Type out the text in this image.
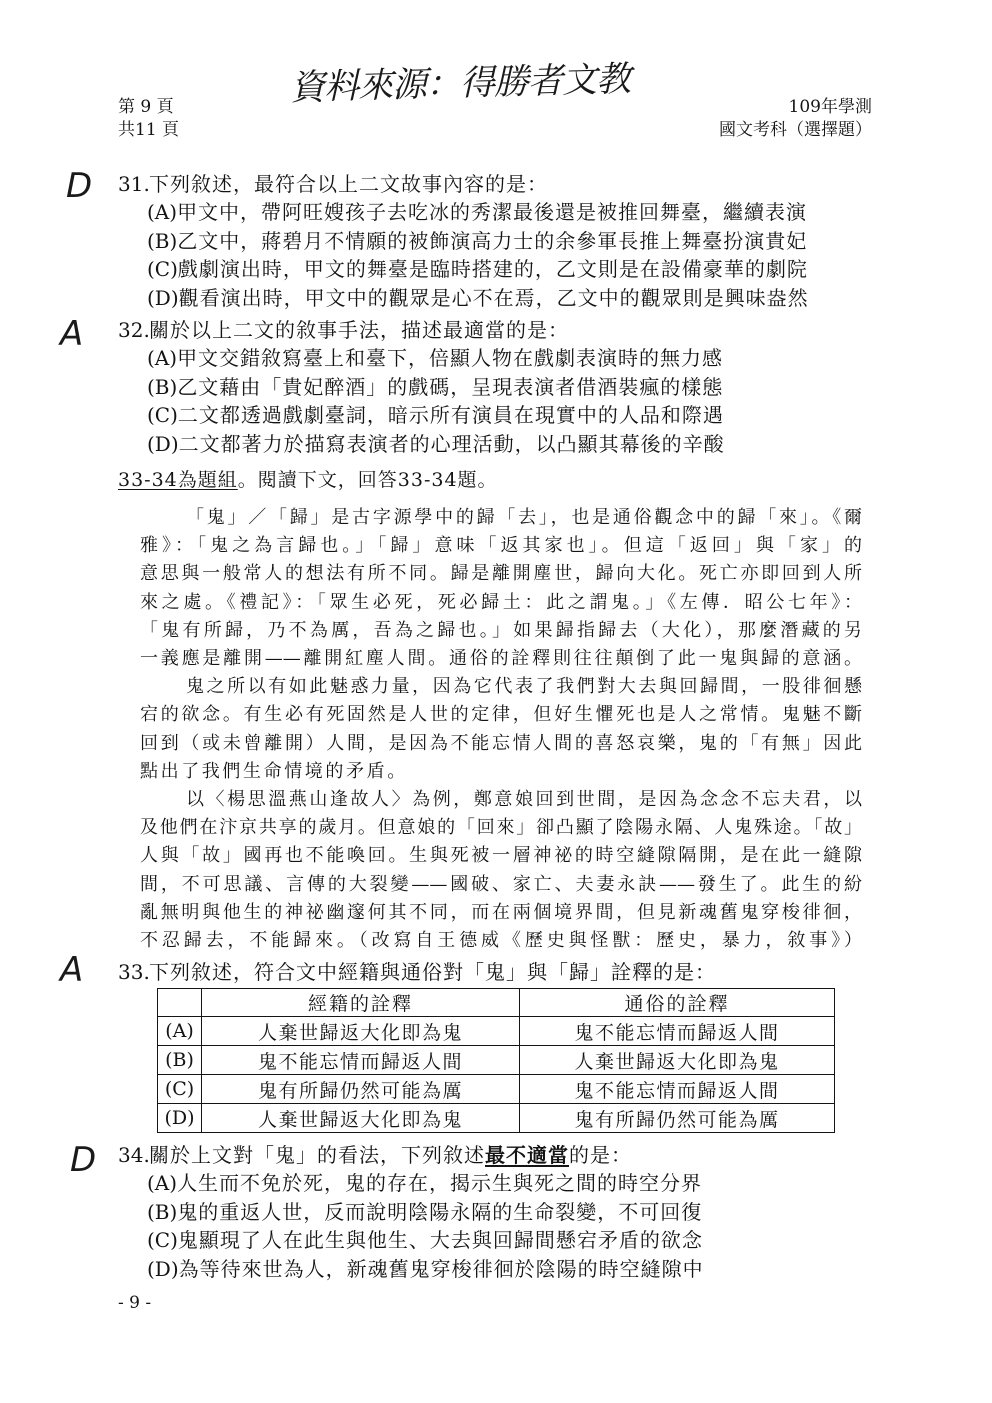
第 9 頁
共11 頁
資料來源：得勝者文教	109年學測
國文考科（選擇題）
D
A
A
D
31.下列敘述，最符合以上二文故事內容的是：
(A)甲文中，帶阿旺嫂孩子去吃冰的秀潔最後還是被推回舞臺，繼續表演
(B)乙文中，蔣碧月不情願的被飾演高力士的余參軍長推上舞臺扮演貴妃
(C)戲劇演出時，甲文的舞臺是臨時搭建的，乙文則是在設備豪華的劇院
(D)觀看演出時，甲文中的觀眾是心不在焉，乙文中的觀眾則是興味盎然
32.關於以上二文的敘事手法，描述最適當的是：
(A)甲文交錯敘寫臺上和臺下，倍顯人物在戲劇表演時的無力感
(B)乙文藉由「貴妃醉酒」的戲碼，呈現表演者借酒裝瘋的樣態
(C)二文都透過戲劇臺詞，暗示所有演員在現實中的人品和際遇
(D)二文都著力於描寫表演者的心理活動，以凸顯其幕後的辛酸
33-34為題組。閱讀下文，回答33-34題。
「鬼」／「歸」是古字源學中的歸「去」，也是通俗觀念中的歸「來」。《爾
雅》：「鬼之為言歸也。」「歸」意味「返其家也」。但這「返回」與「家」的
意思與一般常人的想法有所不同。歸是離開塵世，歸向大化。死亡亦即回到人所
來之處。《禮記》：「眾生必死，死必歸土：此之謂鬼。」《左傳．昭公七年》：
「鬼有所歸，乃不為厲，吾為之歸也。」如果歸指歸去（大化），那麼潛藏的另
一義應是離開——離開紅塵人間。通俗的詮釋則往往顛倒了此一鬼與歸的意涵。
鬼之所以有如此魅惑力量，因為它代表了我們對大去與回歸間，一股徘徊懸
宕的欲念。有生必有死固然是人世的定律，但好生懼死也是人之常情。鬼魅不斷
回到（或未曾離開）人間，是因為不能忘情人間的喜怒哀樂，鬼的「有無」因此
點出了我們生命情境的矛盾。
以〈楊思溫燕山逢故人〉為例，鄭意娘回到世間，是因為念念不忘夫君，以
及他們在汴京共享的歲月。但意娘的「回來」卻凸顯了陰陽永隔、人鬼殊途。「故」
人與「故」國再也不能喚回。生與死被一層神祕的時空縫隙隔開，是在此一縫隙
間，不可思議、言傳的大裂變——國破、家亡、夫妻永訣——發生了。此生的紛
亂無明與他生的神祕幽邃何其不同，而在兩個境界間，但見新魂舊鬼穿梭徘徊，
不忍歸去，不能歸來。（改寫自王德威《歷史與怪獸：歷史，暴力，敘事》）
33.下列敘述，符合文中經籍與通俗對「鬼」與「歸」詮釋的是：
	經籍的詮釋	通俗的詮釋
(A)	人棄世歸返大化即為鬼	鬼不能忘情而歸返人間
(B)	鬼不能忘情而歸返人間	人棄世歸返大化即為鬼
(C)	鬼有所歸仍然可能為厲	鬼不能忘情而歸返人間
(D)	人棄世歸返大化即為鬼	鬼有所歸仍然可能為厲
34.關於上文對「鬼」的看法，下列敘述最不適當的是：
(A)人生而不免於死，鬼的存在，揭示生與死之間的時空分界
(B)鬼的重返人世，反而說明陰陽永隔的生命裂變，不可回復
(C)鬼顯現了人在此生與他生、大去與回歸間懸宕矛盾的欲念
(D)為等待來世為人，新魂舊鬼穿梭徘徊於陰陽的時空縫隙中
- 9 -
